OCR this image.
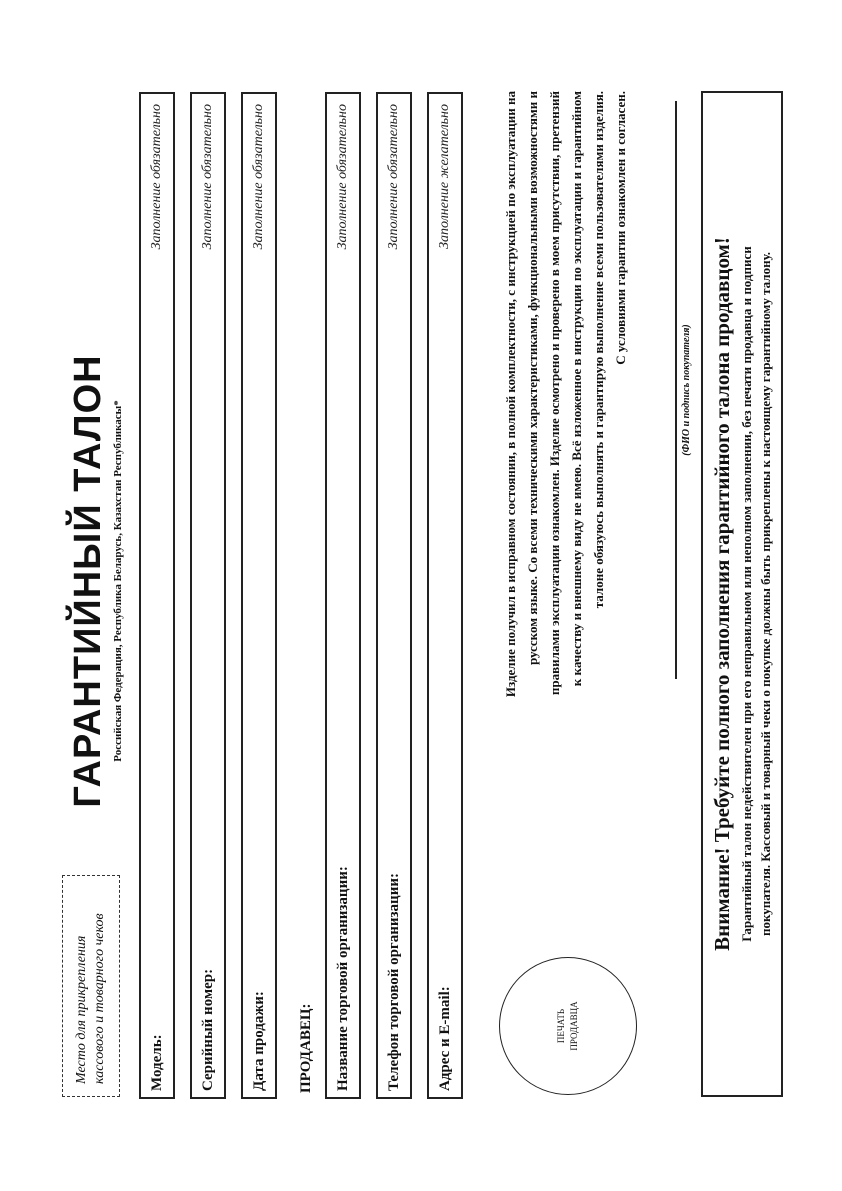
Место для прикрепления кассового и товарного чеков
ГАРАНТИЙНЫЙ ТАЛОН Российская Федерация, Республика Беларусь, Казахстан Республикасы*
Модель:
Заполнение обязательно
Серийный номер:
Заполнение обязательно
Дата продажи:
Заполнение обязательно
ПРОДАВЕЦ: Название торговой организации:
Заполнение обязательно
Телефон торговой организации:
Заполнение обязательно
Адрес и E-mail:
Заполнение желательно
ПЕЧАТЬ ПРОДАВЦА
Изделие получил в исправном состоянии, в полной комплектности, с инструкцией по эксплуатации на русском языке. Со всеми техническими характеристиками, функциональными возможностями и правилами эксплуатации ознакомлен. Изделие осмотрено и проверено в моем присутствии, претензий к качеству и внешнему виду не имею. Всё изложенное в инструкции по эксплуатации и гарантийном талоне обязуюсь выполнять и гарантирую выполнение всеми пользователями изделия. С условиями гарантии ознакомлен и согласен.
(ФИО и подпись покупателя) Внимание! Требуйте полного заполнения гарантийного талона продавцом! Гарантийный талон недействителен при его неправильном или неполном заполнении, без печати продавца и подписи покупателя. Кассовый и товарный чеки о покупке должны быть прикреплены к настоящему гарантийному талону.
